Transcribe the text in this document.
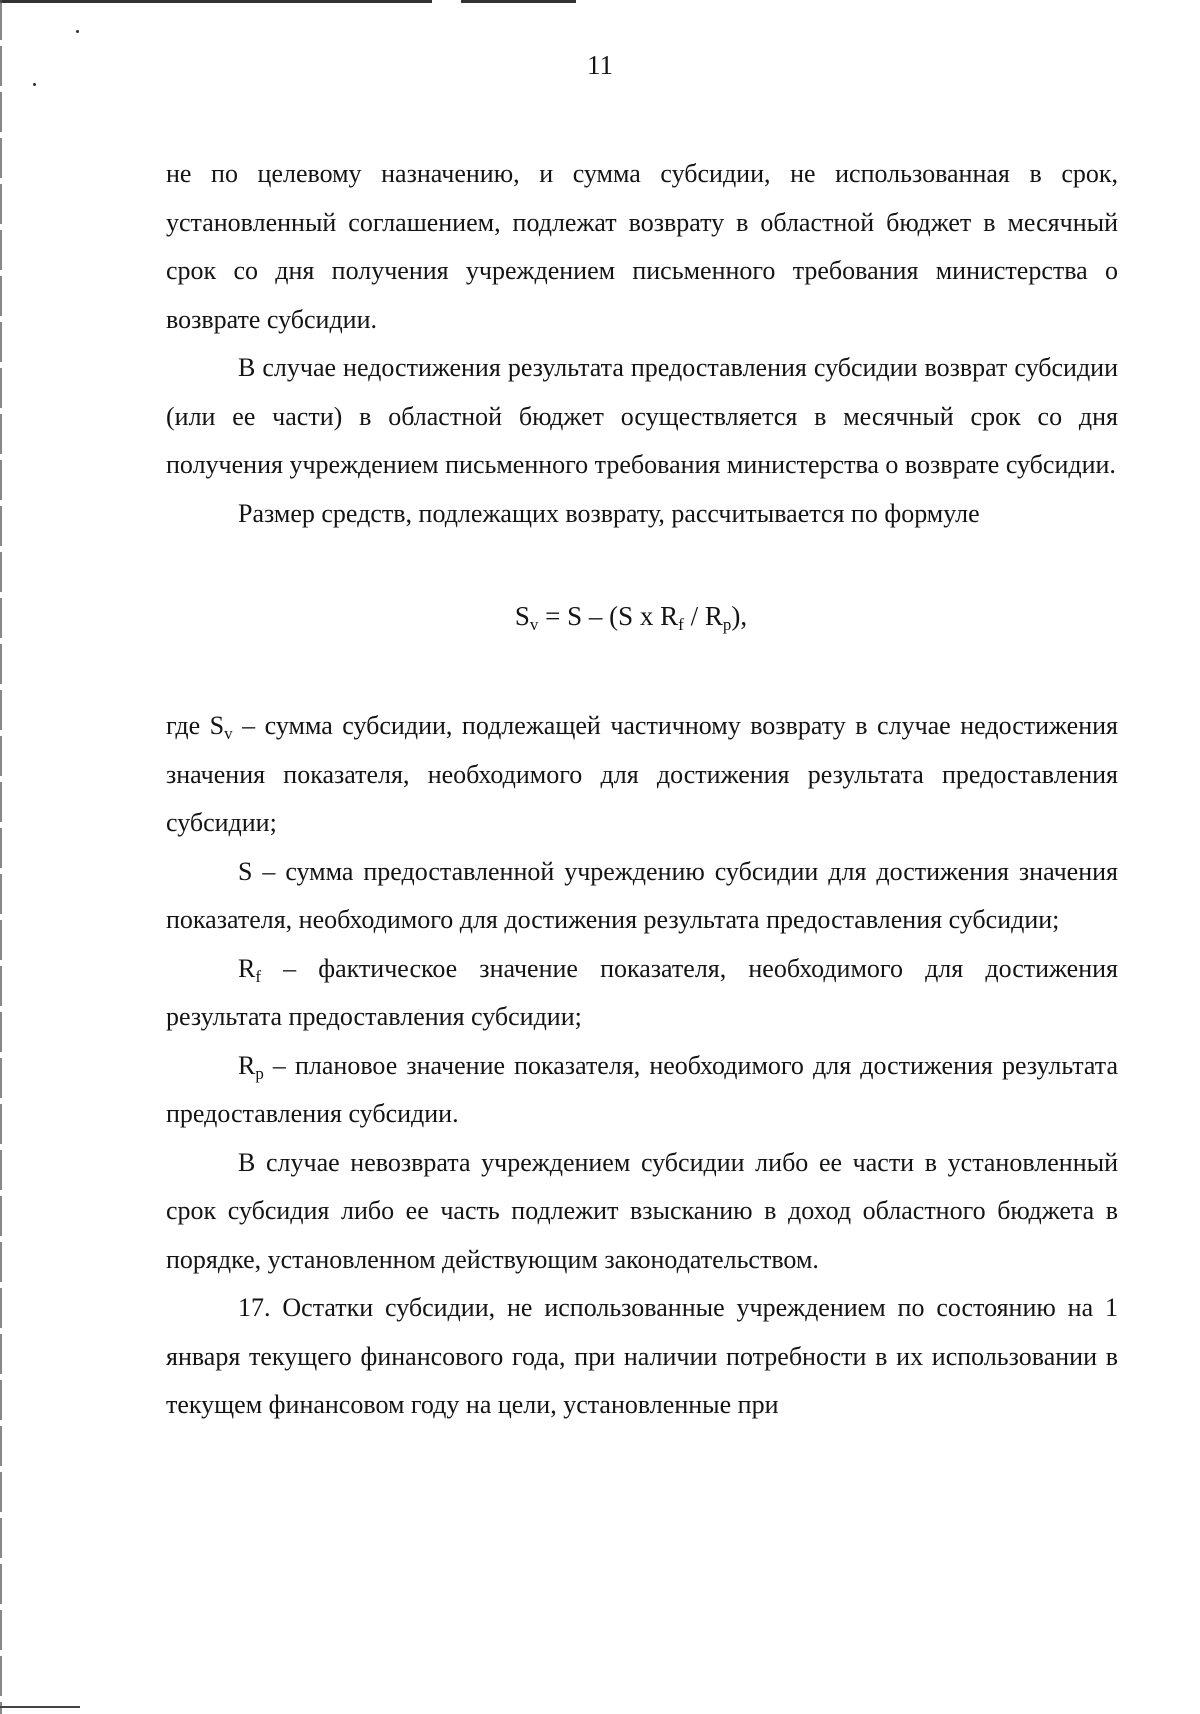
11

не по целевому назначению, и сумма субсидии, не использованная в срок, установленный соглашением, подлежат возврату в областной бюджет в месячный срок со дня получения учреждением письменного требования министерства о возврате субсидии.

В случае недостижения результата предоставления субсидии возврат субсидии (или ее части) в областной бюджет осуществляется в месячный срок со дня получения учреждением письменного требования министерства о возврате субсидии.

Размер средств, подлежащих возврату, рассчитывается по формуле

$S_v = S - (S$ x $R_f / R_p$),

где $S_v$ – сумма субсидии, подлежащей частичному возврату в случае недостижения значения показателя, необходимого для достижения результата предоставления субсидии;

S – сумма предоставленной учреждению субсидии для достижения значения показателя, необходимого для достижения результата предоставления субсидии;

$R_f$ – фактическое значение показателя, необходимого для достижения результата предоставления субсидии;

$R_p$ – плановое значение показателя, необходимого для достижения результата предоставления субсидии.

В случае невозврата учреждением субсидии либо ее части в установленный срок субсидия либо ее часть подлежит взысканию в доход областного бюджета в порядке, установленном действующим законодательством.

17. Остатки субсидии, не использованные учреждением по состоянию на 1 января текущего финансового года, при наличии потребности в их использовании в текущем финансовом году на цели, установленные при
